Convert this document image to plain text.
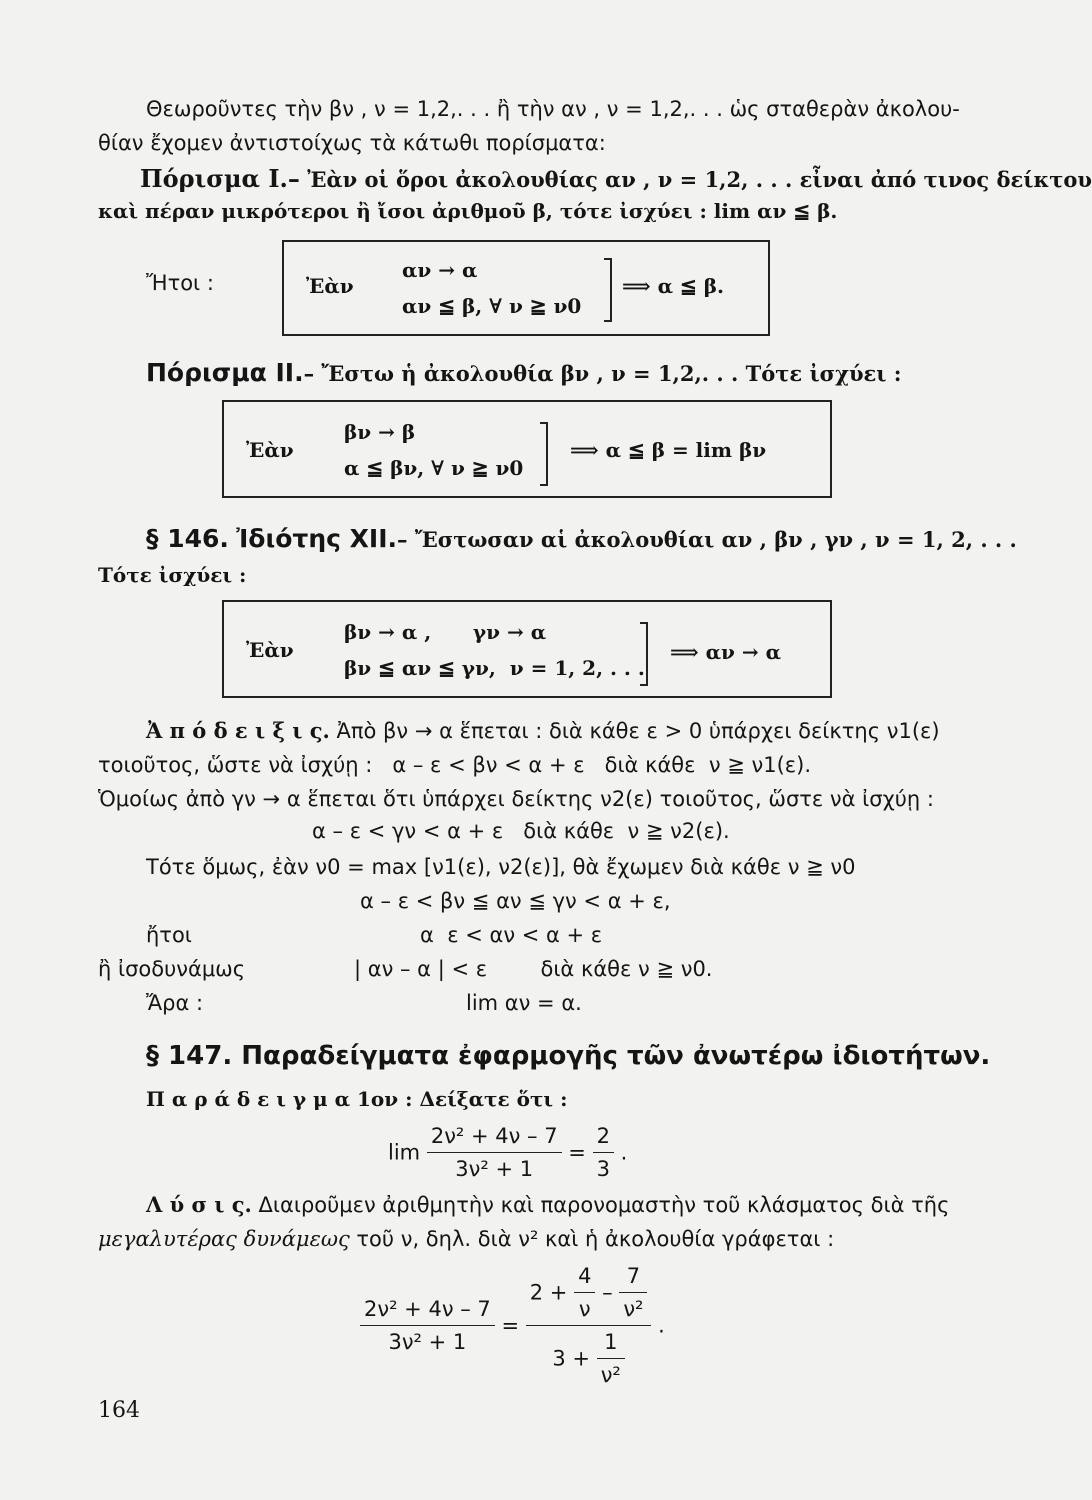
Θεωροῦντες τὴν βν , ν = 1,2,. . . ἢ τὴν αν , ν = 1,2,. . . ὡς σταθερὰν ἀκολου-
θίαν ἔχομεν ἀντιστοίχως τὰ κάτωθι πορίσματα:
Πόρισμα Ι.– Ἐὰν οἱ ὅροι ἀκολουθίας αν , ν = 1,2, . . . εἶναι ἀπό τινος δείκτου
καὶ πέραν μικρότεροι ἢ ἴσοι ἀριθμοῦ β, τότε ἰσχύει : lim αν ≦ β.
Ἤτοι :	Ἐὰν
αν → α
αν ≦ β, ∀ ν ≧ ν0
⟹ α ≦ β.
Πόρισμα ΙΙ.– Ἔστω ἡ ἀκολουθία βν , ν = 1,2,. . . Τότε ἰσχύει :
Ἐὰν
βν → β
α ≦ βν, ∀ ν ≧ ν0
⟹ α ≦ β = lim βν
§ 146. Ἰδιότης ΧΙΙ.– Ἔστωσαν αἱ ἀκολουθίαι αν , βν , γν , ν = 1, 2, . . .
Τότε ἰσχύει :
Ἐὰν
βν → α ,      γν → α
βν ≦ αν ≦ γν,  ν = 1, 2, . . .
⟹ αν → α
Ἀ π ό δ ε ι ξ ι ς. Ἀπὸ βν → α ἕπεται : διὰ κάθε ε > 0 ὑπάρχει δείκτης ν1(ε)
τοιοῦτος, ὥστε νὰ ἰσχύῃ :   α – ε < βν < α + ε   διὰ κάθε  ν ≧ ν1(ε).
Ὁμοίως ἀπὸ γν → α ἕπεται ὅτι ὑπάρχει δείκτης ν2(ε) τοιοῦτος, ὥστε νὰ ἰσχύῃ :
α – ε < γν < α + ε   διὰ κάθε  ν ≧ ν2(ε).
Τότε ὅμως, ἐὰν ν0 = max [ν1(ε), ν2(ε)], θὰ ἔχωμεν διὰ κάθε ν ≧ ν0
α – ε < βν ≦ αν ≦ γν < α + ε,
ἤτοι	α  ε < αν < α + ε
ἢ ἰσοδυνάμως	| αν – α | < ε        διὰ κάθε ν ≧ ν0.
Ἄρα :	lim αν = α.
§ 147. Παραδείγματα ἐφαρμογῆς τῶν ἀνωτέρω ἰδιοτήτων.
Π α ρ ά δ ε ι γ μ α 1ον : Δείξατε ὅτι :
$\lim \frac{\text{2ν² + 4ν – 7}}{\text{3ν² + 1}} = \frac{2}{3}$ .
Λ ύ σ ι ς. Διαιροῦμεν ἀριθμητὴν καὶ παρονομαστὴν τοῦ κλάσματος διὰ τῆς
μεγαλυτέρας δυνάμεως τοῦ ν, δηλ. διὰ ν² καὶ ἡ ἀκολουθία γράφεται :
$\frac{\text{2ν² + 4ν – 7}}{\text{3ν² + 1}}$ =
$2 + \frac{4}{\nu} - \frac{7}{\text{ν²}}$
$3 + \frac{1}{\text{ν²}}$
.
164
